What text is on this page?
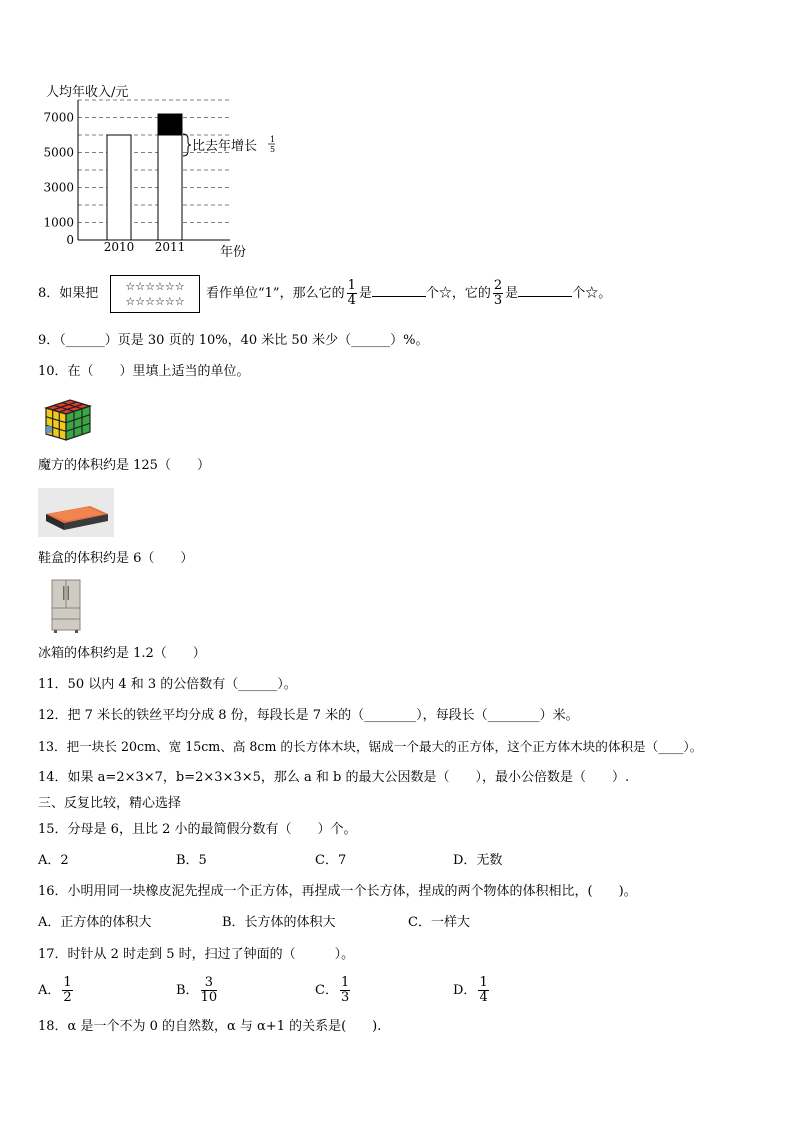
人均年收入/元
年份
0
1000
3000
5000
7000
2010 2011
比去年增长 1
5
8．如果把	☆☆☆☆☆☆
☆☆☆☆☆☆
看作单位“1”，那么它的 $\frac{1}{4}$ 是	个☆，它的 $\frac{2}{3}$ 是	个☆。
9．（______）页是 30 页的 10%，40 米比 50 米少（______）%。
10．在（　　）里填上适当的单位。
魔方的体积约是 125（　　）
鞋盒的体积约是 6（　　）
冰箱的体积约是 1.2（　　）
11．50 以内 4 和 3 的公倍数有（______）。
12．把 7 米长的铁丝平均分成 8 份，每段长是 7 米的（________），每段长（________）米。
13．把一块长 20cm、宽 15cm、高 8cm 的长方体木块，锯成一个最大的正方体，这个正方体木块的体积是（____）。
14．如果 a=2×3×7，b=2×3×3×5，那么 a 和 b 的最大公因数是（　　），最小公倍数是（　　）.
三、反复比较，精心选择
15．分母是 6，且比 2 小的最简假分数有（　　）个。
A．2	B．5	C．7	D．无数
16．小明用同一块橡皮泥先捏成一个正方体，再捏成一个长方体，捏成的两个物体的体积相比，(　　)。
A．正方体的体积大	B．长方体的体积大	C．一样大
17．时针从 2 时走到 5 时，扫过了钟面的（　　　）。
A． $\frac{1}{2}$	B． $\frac{3}{10}$	C． $\frac{1}{3}$	D． $\frac{1}{4}$
18．α 是一个不为 0 的自然数，α 与 α+1 的关系是(　　).
